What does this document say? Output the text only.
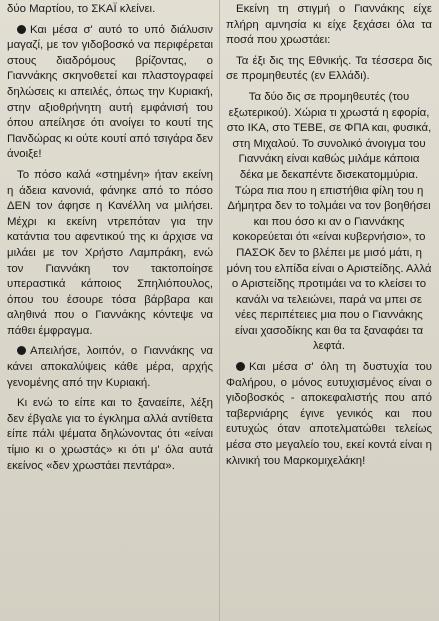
δύο Μαρτίου, το ΣΚΑΪ κλείνει.

Και μέσα σ' αυτό το υπό διάλυσιν μαγαζί, με τον γιδοβοσκό να περιφέρεται στους διαδρόμους βρίζοντας, ο Γιαννάκης σκηνοθετεί και πλαστογραφεί δηλώσεις κι απειλές, όπως την Κυριακή, στην αξιοθρήνητη αυτή εμφάνισή του όπου απείλησε ότι ανοίγει το κουτί της Πανδώρας κι ούτε κουτί από τσιγάρα δεν άνοιξε!

Το πόσο καλά «στημένη» ήταν εκείνη η άδεια κανονιά, φάνηκε από το πόσο ΔΕΝ τον άφησε η Κανέλλη να μιλήσει. Μέχρι κι εκείνη ντρεπόταν για την κατάντια του αφεντικού της κι άρχισε να μιλάει με τον Χρήστο Λαμπράκη, ενώ τον Γιαννάκη τον τακτοποίησε υπεραστικά κάποιος Σπηλιόπουλος, όπου του έσουρε τόσα βάρβαρα και αληθινά που ο Γιαννάκης κόντεψε να πάθει έμφραγμα.

Απειλήσε, λοιπόν, ο Γιαννάκης να κάνει αποκαλύψεις κάθε μέρα, αρχής γενομένης από την Κυριακή.

Κι ενώ το είπε και το ξαναείπε, λέξη δεν έβγαλε για το έγκλημα αλλά αντίθετα είπε πάλι ψέματα δηλώνοντας ότι «είναι τίμιο κι ο χρωστάς» κι ότι μ' όλα αυτά εκείνος «δεν χρωστάει πεντάρα».

Εκείνη τη στιγμή ο Γιαννάκης είχε πλήρη αμνησία κι είχε ξεχάσει όλα τα ποσά που χρωστάει:

Τα έξι δις της Εθνικής. Τα τέσσερα δις σε προμηθευτές (εν Ελλάδι).

Τα δύο δις σε προμηθευτές (του εξωτερικού). Χώρια τι χρωστά η εφορία, στο ΙΚΑ, στο ΤΕΒΕ, σε ΦΠΑ και, φυσικά, στη Μιχαλού. Το συνολικό άνοιγμα του Γιαννάκη είναι καθώς μιλάμε κάποια δέκα με δεκαπέντε δισεκατομμύρια. Τώρα πια που η επιστήθια φίλη του η Δήμητρα δεν το τολμάει να τον βοηθήσει και που όσο κι αν ο Γιαννάκης κοκορεύεται ότι «είναι κυβερνήσιο», το ΠΑΣΟΚ δεν το βλέπει με μισό μάτι, η μόνη του ελπίδα είναι ο Αριστείδης. Αλλά ο Αριστείδης προτιμάει να το κλείσει το κανάλι να τελειώνει, παρά να μπει σε νέες περιπέτειες μια που ο Γιαννάκης είναι χασοδίκης και θα τα ξαναφάει τα λεφτά.

Και μέσα σ' όλη τη δυστυχία του Φαλήρου, ο μόνος ευτυχισμένος είναι ο γιδοβοσκός - αποκεφαλιστής που από ταβερνιάρης έγινε γενικός και που ευτυχώς όταν αποτελματώθει τελείως μέσα στο μεγαλείο του, εκεί κοντά είναι η κλινική του Μαρκομιχελάκη!
